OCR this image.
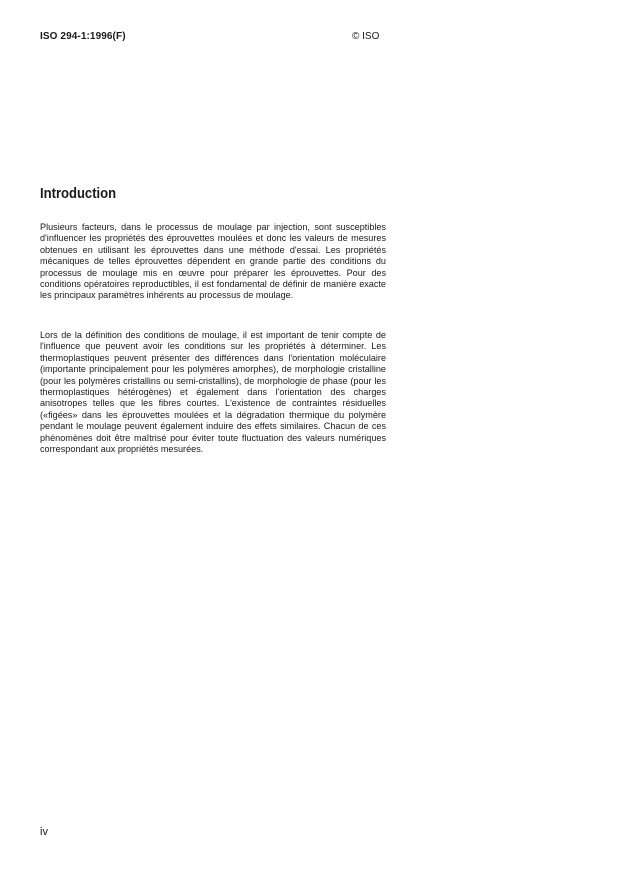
ISO 294-1:1996(F)	© ISO
Introduction

Plusieurs facteurs, dans le processus de moulage par injection, sont susceptibles d'influencer les propriétés des éprouvettes moulées et donc les valeurs de mesures obtenues en utilisant les éprouvettes dans une méthode d'essai. Les propriétés mécaniques de telles éprouvettes dépendent en grande partie des conditions du processus de moulage mis en œuvre pour préparer les éprouvettes. Pour des conditions opératoires reproductibles, il est fondamental de définir de manière exacte les principaux paramètres inhérents au processus de moulage.

Lors de la définition des conditions de moulage, il est important de tenir compte de l'influence que peuvent avoir les conditions sur les propriétés à déterminer. Les thermoplastiques peuvent présenter des différences dans l'orientation moléculaire (importante principalement pour les polymères amorphes), de morphologie cristalline (pour les polymères cristallins ou semi-cristallins), de morphologie de phase (pour les thermoplastiques hétérogènes) et également dans l'orientation des charges anisotropes telles que les fibres courtes. L'existence de contraintes résiduelles («figées» dans les éprouvettes moulées et la dégradation thermique du polymère pendant le moulage peuvent également induire des effets similaires. Chacun de ces phénomènes doit être maîtrisé pour éviter toute fluctuation des valeurs numériques correspondant aux propriétés mesurées.

iv
